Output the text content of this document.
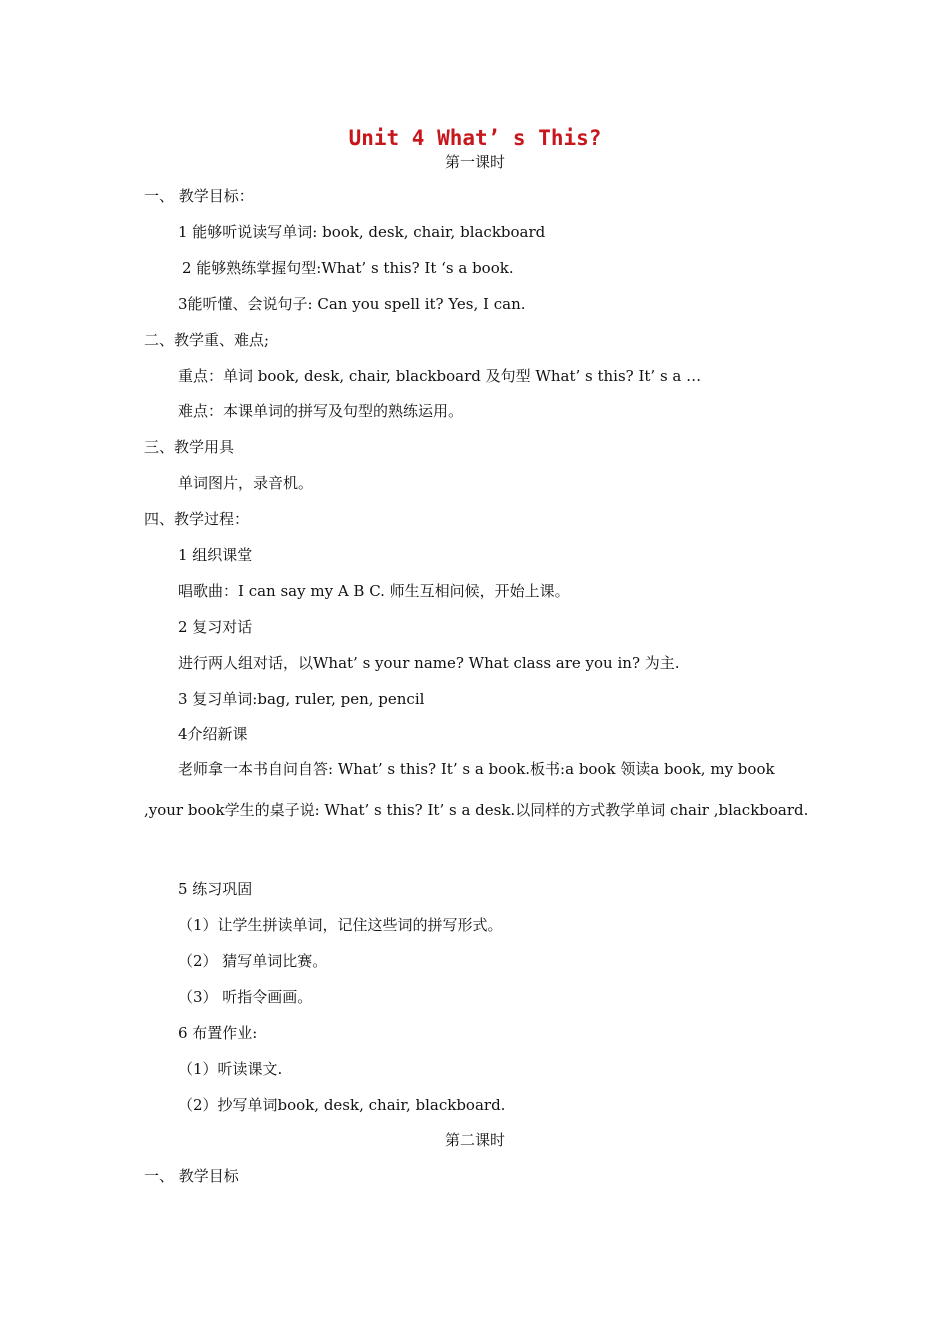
Unit 4 What’ s This?
第一课时
一、 教学目标：
1 能够听说读写单词: book, desk, chair, blackboard
2 能够熟练掌握句型:What’ s this? It ‘s a book.
3能听懂、会说句子: Can you spell it? Yes, I can.
二、教学重、难点;
重点：单词 book, desk, chair, blackboard 及句型 What’ s this? It’ s a …
难点：本课单词的拼写及句型的熟练运用。
三、教学用具
单词图片，录音机。
四、教学过程：
1 组织课堂
唱歌曲：I can say my A B C. 师生互相问候，开始上课。
2 复习对话
进行两人组对话，以What’ s your name? What class are you in? 为主.
3 复习单词:bag, ruler, pen, pencil
4介绍新课
老师拿一本书自问自答: What’ s this? It’ s a book.板书:a book 领读a book, my book ,your book学生的桌子说: What’ s this? It’ s a desk.以同样的方式教学单词 chair ,blackboard.
5 练习巩固
（1）让学生拼读单词，记住这些词的拼写形式。
（2） 猜写单词比赛。
（3） 听指令画画。
6 布置作业:
（1）听读课文.
（2）抄写单词book, desk, chair, blackboard.
第二课时
一、 教学目标
